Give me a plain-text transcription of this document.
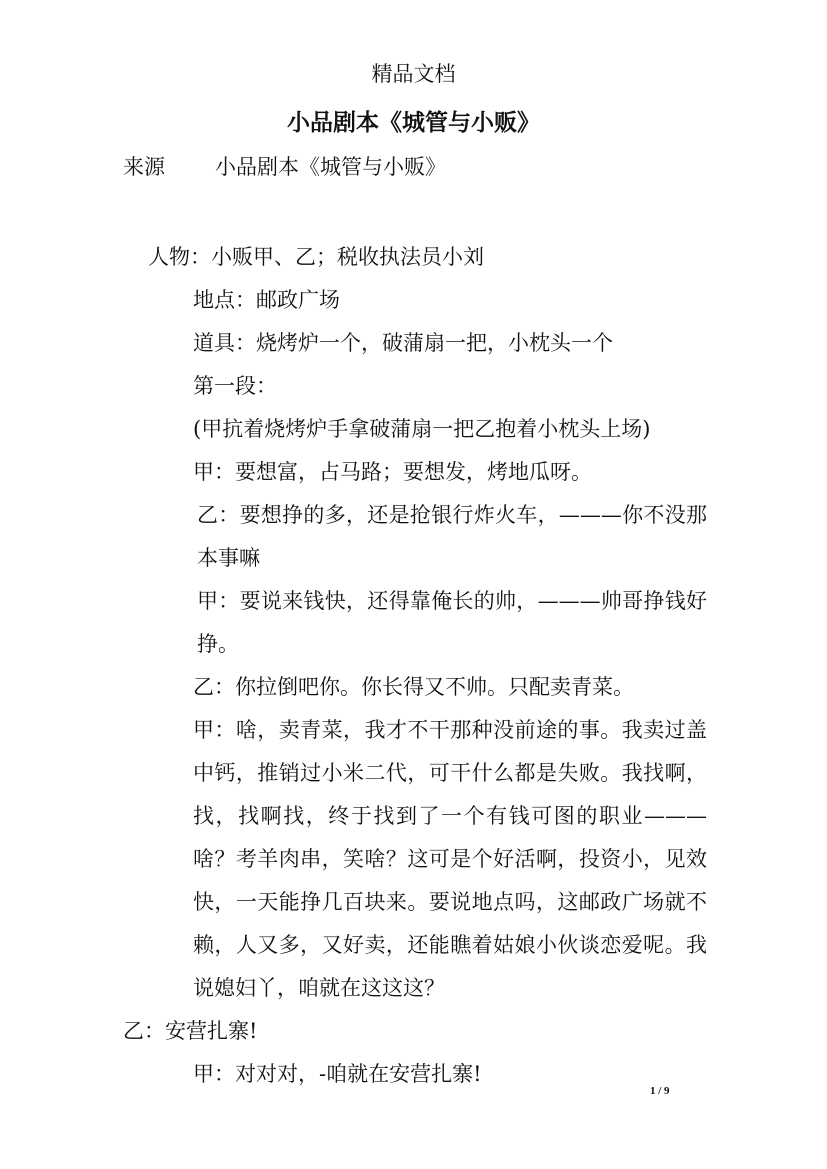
精品文档
小品剧本《城管与小贩》
来源 小品剧本《城管与小贩》

人物：小贩甲、乙；税收执法员小刘

地点：邮政广场

道具：烧烤炉一个，破蒲扇一把，小枕头一个

第一段：

(甲抗着烧烤炉手拿破蒲扇一把乙抱着小枕头上场)

甲：要想富，占马路；要想发，烤地瓜呀。

乙：要想挣的多，还是抢银行炸火车，———你不没那本事嘛

甲：要说来钱快，还得靠俺长的帅，———帅哥挣钱好挣。

乙：你拉倒吧你。你长得又不帅。只配卖青菜。

甲：啥，卖青菜，我才不干那种没前途的事。我卖过盖中钙，推销过小米二代，可干什么都是失败。我找啊，找，找啊找，终于找到了一个有钱可图的职业———啥？考羊肉串，笑啥？这可是个好活啊，投资小，见效快，一天能挣几百块来。要说地点吗，这邮政广场就不赖，人又多，又好卖，还能瞧着姑娘小伙谈恋爱呢。我说媳妇丫，咱就在这这这？

乙：安营扎寨!

甲：对对对，-咱就在安营扎寨!

1 / 9
